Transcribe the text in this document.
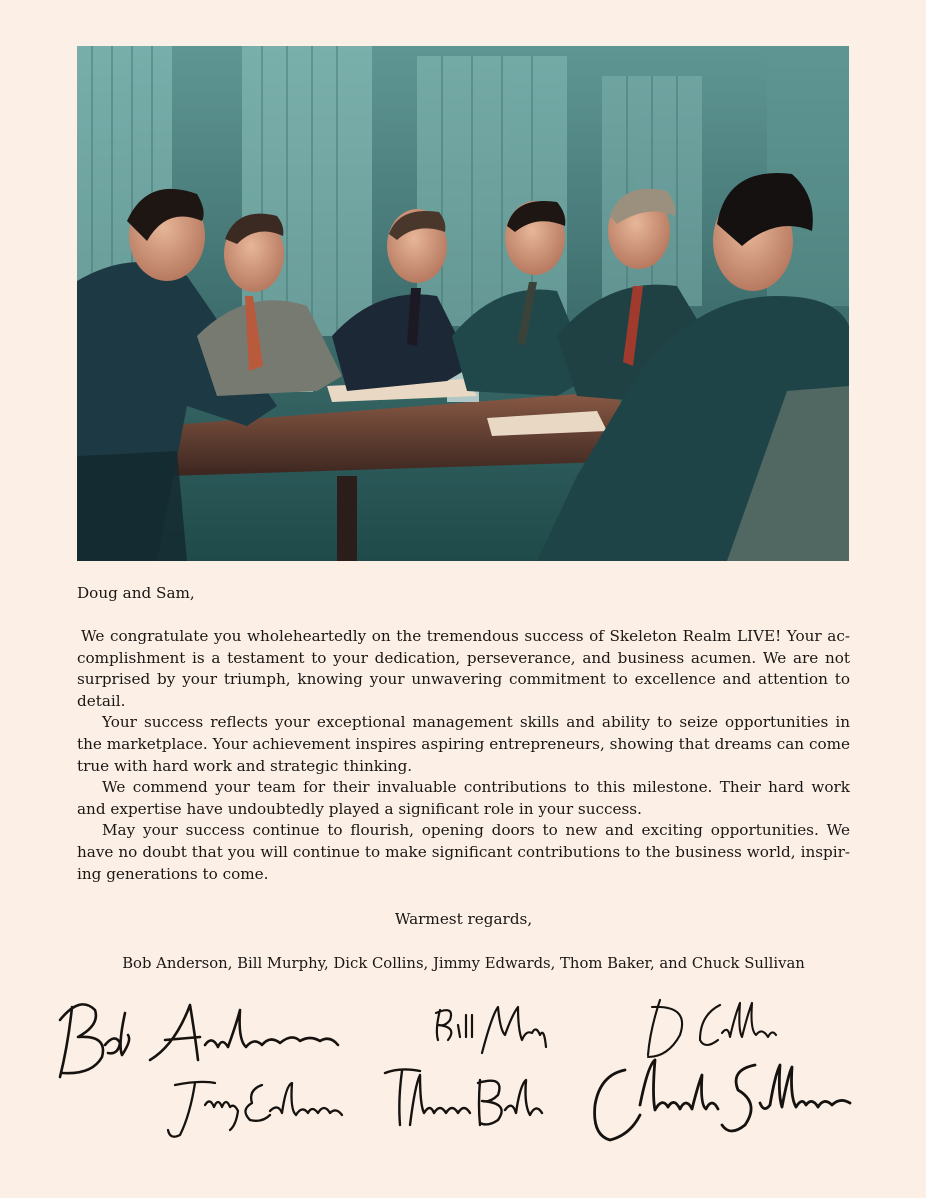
Doug and Sam,

We congratulate you wholeheartedly on the tremendous success of Skeleton Realm LIVE! Your accomplishment is a testament to your dedication, perseverance, and business acumen. We are not surprised by your triumph, knowing your unwavering commitment to excellence and attention to detail.

Your success reflects your exceptional management skills and ability to seize opportunities in the marketplace. Your achievement inspires aspiring entrepreneurs, showing that dreams can come true with hard work and strategic thinking.

We commend your team for their invaluable contributions to this milestone. Their hard work and expertise have undoubtedly played a significant role in your success.

May your success continue to flourish, opening doors to new and exciting opportunities. We have no doubt that you will continue to make significant contributions to the business world, inspiring generations to come.

Warmest regards,
Bob Anderson, Bill Murphy, Dick Collins, Jimmy Edwards, Thom Baker, and Chuck Sullivan
